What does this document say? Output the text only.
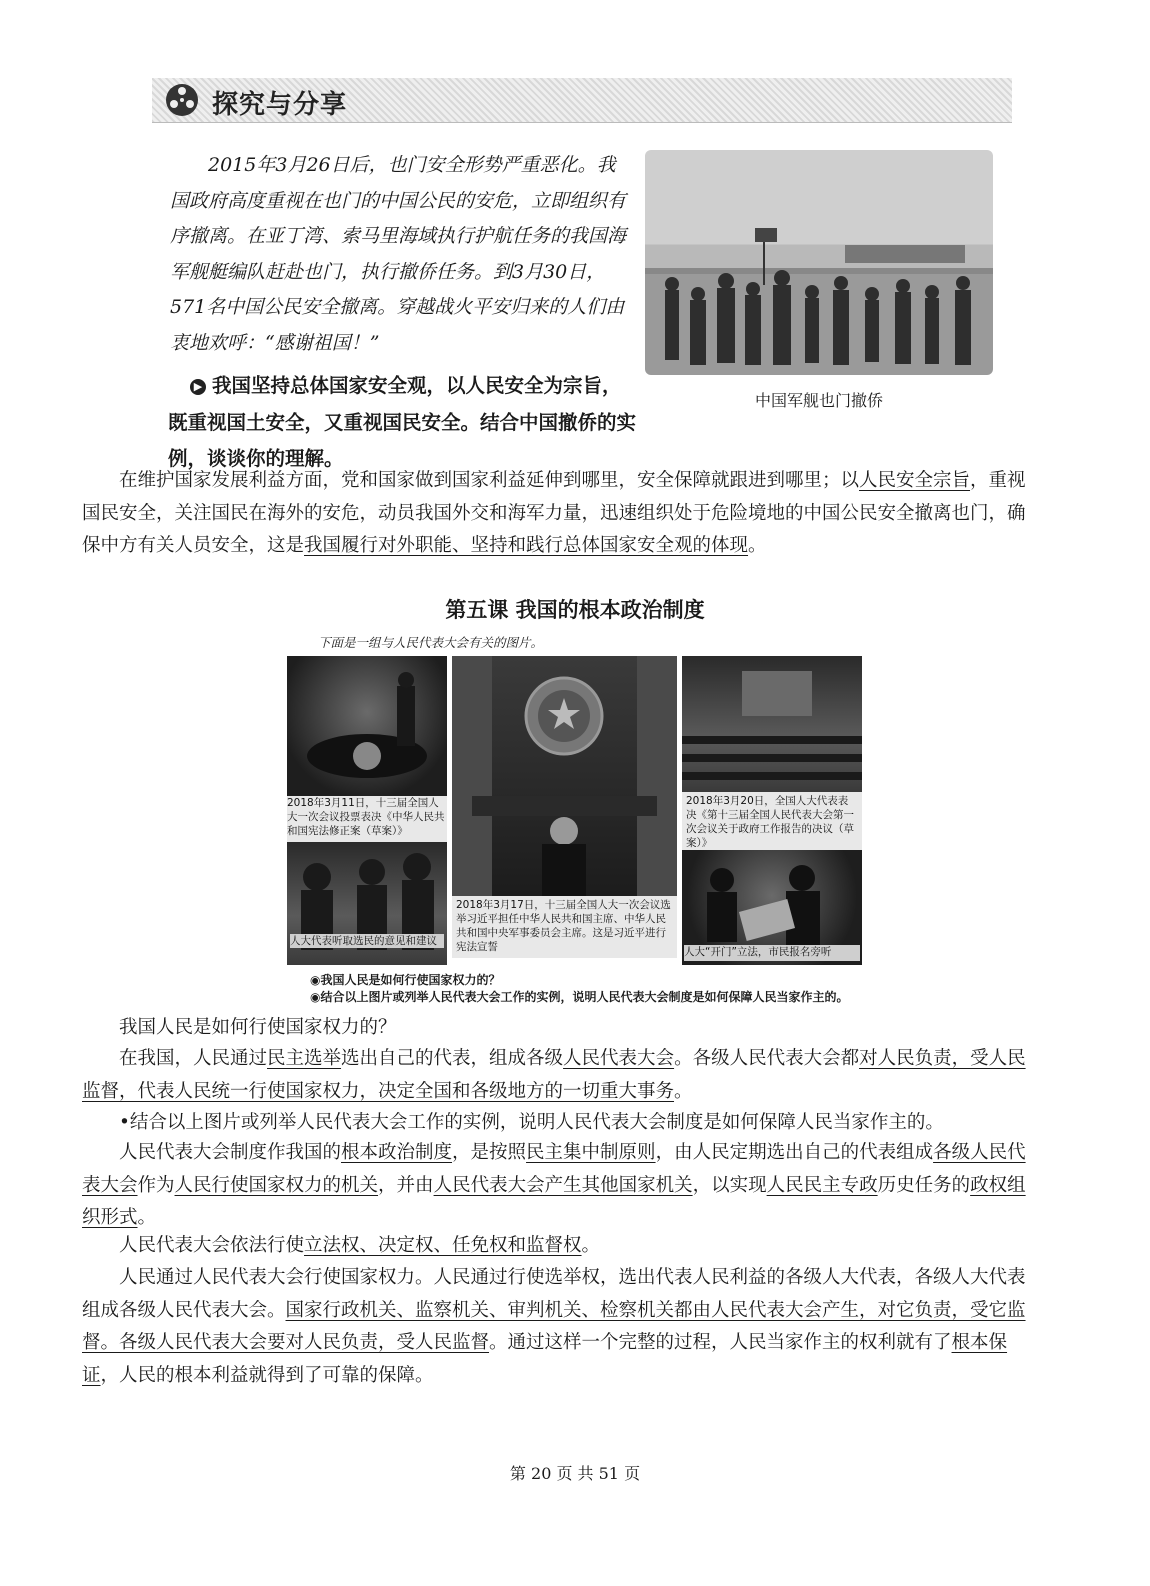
探究与分享

2015年3月26日后，也门安全形势严重恶化。我国政府高度重视在也门的中国公民的安危，立即组织有序撤离。在亚丁湾、索马里海域执行护航任务的我国海军舰艇编队赶赴也门，执行撤侨任务。到3月30日，571名中国公民安全撤离。穿越战火平安归来的人们由衷地欢呼：“感谢祖国！”

中国军舰也门撤侨
▶ 我国坚持总体国家安全观，以人民安全为宗旨，既重视国土安全，又重视国民安全。结合中国撤侨的实例，谈谈你的理解。

在维护国家发展利益方面，党和国家做到国家利益延伸到哪里，安全保障就跟进到哪里；以人民安全宗旨，重视国民安全，关注国民在海外的安危，动员我国外交和海军力量，迅速组织处于危险境地的中国公民安全撤离也门，确保中方有关人员安全，这是我国履行对外职能、坚持和践行总体国家安全观的体现。

第五课 我国的根本政治制度
下面是一组与人民代表大会有关的图片。
2018年3月11日，十三届全国人大一次会议投票表决《中华人民共和国宪法修正案（草案）》
人大代表听取选民的意见和建议
2018年3月17日，十三届全国人大一次会议选举习近平担任中华人民共和国主席、中华人民共和国中央军事委员会主席。这是习近平进行宪法宣誓
2018年3月20日，全国人大代表表决《第十三届全国人民代表大会第一次会议关于政府工作报告的决议（草案）》
人大“开门”立法，市民报名旁听
◉我国人民是如何行使国家权力的？
◉结合以上图片或列举人民代表大会工作的实例，说明人民代表大会制度是如何保障人民当家作主的。

我国人民是如何行使国家权力的？

在我国，人民通过民主选举选出自己的代表，组成各级人民代表大会。各级人民代表大会都对人民负责，受人民监督，代表人民统一行使国家权力，决定全国和各级地方的一切重大事务。

•结合以上图片或列举人民代表大会工作的实例，说明人民代表大会制度是如何保障人民当家作主的。

人民代表大会制度作我国的根本政治制度，是按照民主集中制原则，由人民定期选出自己的代表组成各级人民代表大会作为人民行使国家权力的机关，并由人民代表大会产生其他国家机关，以实现人民民主专政历史任务的政权组织形式。

人民代表大会依法行使立法权、决定权、任免权和监督权。

人民通过人民代表大会行使国家权力。人民通过行使选举权，选出代表人民利益的各级人大代表，各级人大代表组成各级人民代表大会。国家行政机关、监察机关、审判机关、检察机关都由人民代表大会产生，对它负责，受它监督。各级人民代表大会要对人民负责，受人民监督。通过这样一个完整的过程，人民当家作主的权利就有了根本保证，人民的根本利益就得到了可靠的保障。

第 20 页 共 51 页
